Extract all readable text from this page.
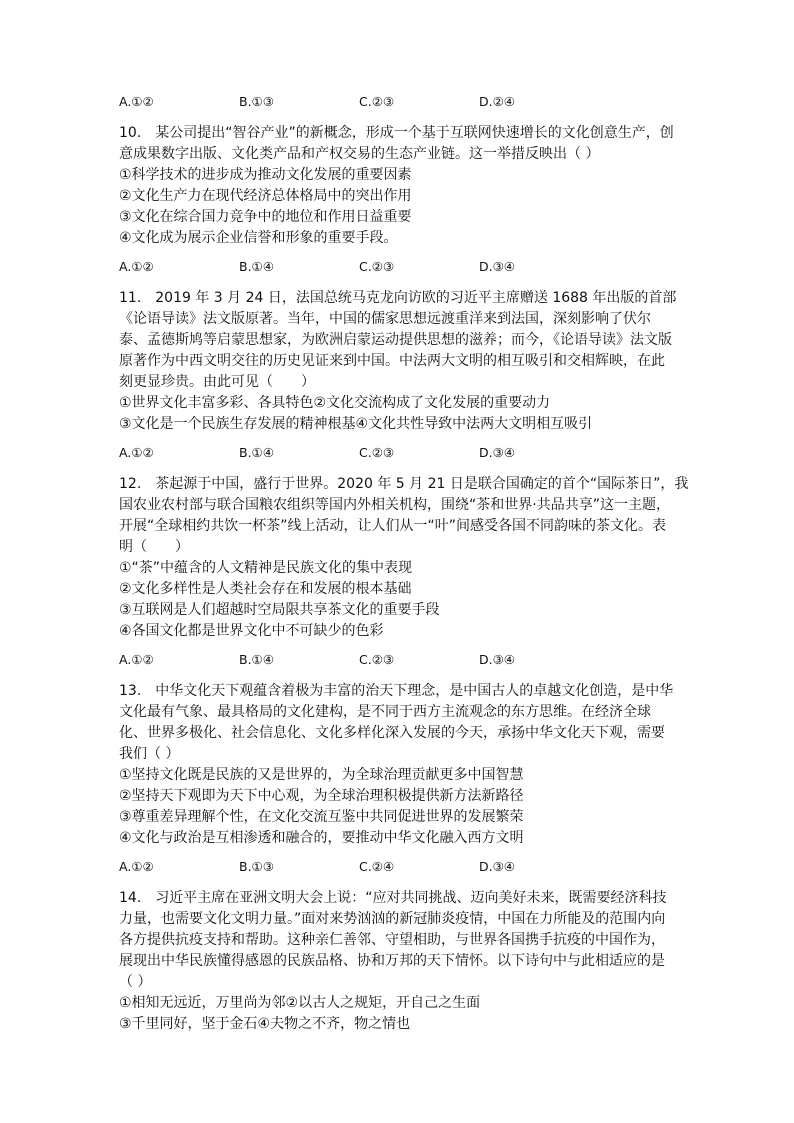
A.①②	B.①③	C.②③	D.②④
10.　某公司提出“智谷产业”的新概念，形成一个基于互联网快速增长的文化创意生产，创
意成果数字出版、文化类产品和产权交易的生态产业链。这一举措反映出（ ）
①科学技术的进步成为推动文化发展的重要因素
②文化生产力在现代经济总体格局中的突出作用
③文化在综合国力竞争中的地位和作用日益重要
④文化成为展示企业信誉和形象的重要手段。
A.①②	B.①④	C.②③	D.③④
11.　2019 年 3 月 24 日，法国总统马克龙向访欧的习近平主席赠送 1688 年出版的首部
《论语导读》法文版原著。当年，中国的儒家思想远渡重洋来到法国，深刻影响了伏尔
泰、孟德斯鸠等启蒙思想家，为欧洲启蒙运动提供思想的滋养；而今，《论语导读》法文版
原著作为中西文明交往的历史见证来到中国。中法两大文明的相互吸引和交相辉映，在此
刻更显珍贵。由此可见（　　）
①世界文化丰富多彩、各具特色②文化交流构成了文化发展的重要动力
③文化是一个民族生存发展的精神根基④文化共性导致中法两大文明相互吸引
A.①②	B.①④	C.②③	D.③④
12.　茶起源于中国，盛行于世界。2020 年 5 月 21 日是联合国确定的首个“国际茶日”，我
国农业农村部与联合国粮农组织等国内外相关机构，围绕“茶和世界·共品共享”这一主题，
开展“全球相约共饮一杯茶”线上活动，让人们从一“叶”间感受各国不同韵味的茶文化。表
明（　　）
①“茶”中蕴含的人文精神是民族文化的集中表现
②文化多样性是人类社会存在和发展的根本基础
③互联网是人们超越时空局限共享茶文化的重要手段
④各国文化都是世界文化中不可缺少的色彩
A.①②	B.①④	C.②③	D.③④
13.　中华文化天下观蕴含着极为丰富的治天下理念，是中国古人的卓越文化创造，是中华
文化最有气象、最具格局的文化建构，是不同于西方主流观念的东方思维。在经济全球
化、世界多极化、社会信息化、文化多样化深入发展的今天，承扬中华文化天下观，需要
我们（ ）
①坚持文化既是民族的又是世界的，为全球治理贡献更多中国智慧
②坚持天下观即为天下中心观，为全球治理积极提供新方法新路径
③尊重差异理解个性，在文化交流互鉴中共同促进世界的发展繁荣
④文化与政治是互相渗透和融合的，要推动中华文化融入西方文明
A.①②	B.①③	C.②④	D.③④
14.　习近平主席在亚洲文明大会上说：“应对共同挑战、迈向美好未来，既需要经济科技
力量，也需要文化文明力量。”面对来势汹汹的新冠肺炎疫情，中国在力所能及的范围内向
各方提供抗疫支持和帮助。这种亲仁善邻、守望相助，与世界各国携手抗疫的中国作为，
展现出中华民族懂得感恩的民族品格、协和万邦的天下情怀。以下诗句中与此相适应的是
（ ）
①相知无远近，万里尚为邻②以古人之规矩，开自己之生面
③千里同好，坚于金石④夫物之不齐，物之情也
